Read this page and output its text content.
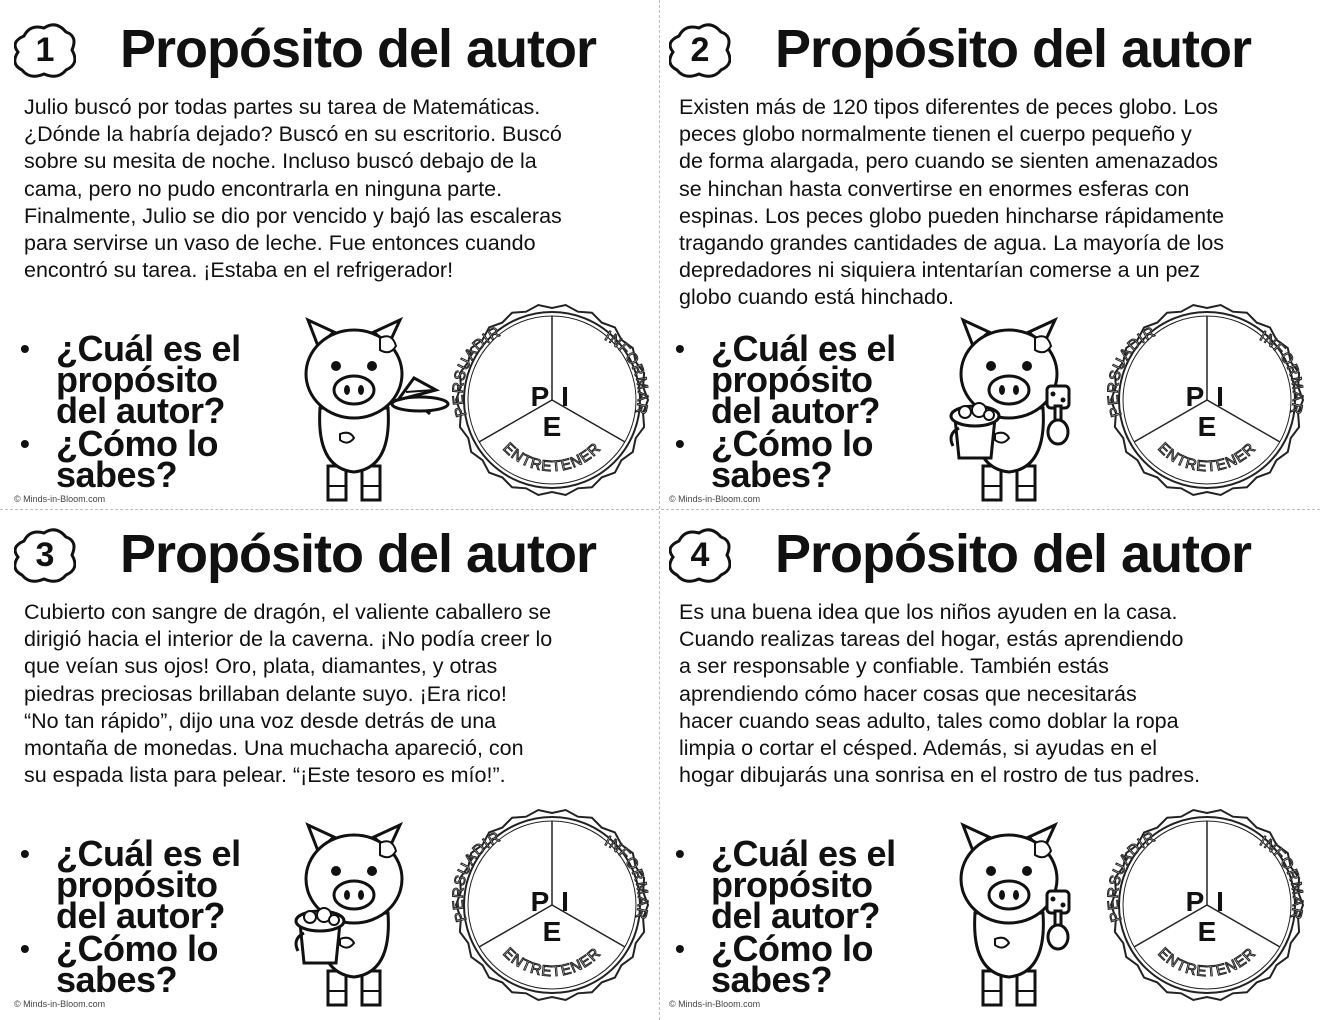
1	Propósito del autor
Julio buscó por todas partes su tarea de Matemáticas.
¿Dónde la habría dejado? Buscó en su escritorio. Buscó
sobre su mesita de noche. Incluso buscó debajo de la
cama, pero no pudo encontrarla en ninguna parte.
Finalmente, Julio se dio por vencido y bajó las escaleras
para servirse un vaso de leche. Fue entonces cuando
encontró su tarea. ¡Estaba en el refrigerador!
• ¿Cuál es el
propósito
del autor?
• ¿Cómo lo
sabes?
P SUADIR	INFORMAR
ENTRETENER
P I
E
© Minds-in-Bloom.com
2	Propósito del autor
Existen más de 120 tipos diferentes de peces globo. Los
peces globo normalmente tienen el cuerpo pequeño y
de forma alargada, pero cuando se sienten amenazados
se hinchan hasta convertirse en enormes esferas con
espinas. Los peces globo pueden hincharse rápidamente
tragando grandes cantidades de agua. La mayoría de los
depredadores ni siquiera intentarían comerse a un pez
globo cuando está hinchado.
• ¿Cuál es el
propósito
del autor?
• ¿Cómo lo
sabes?
P SUADIR	INFORMAR
ENTRETENER
P I
E
© Minds-in-Bloom.com
3	Propósito del autor
Cubierto con sangre de dragón, el valiente caballero se
dirigió hacia el interior de la caverna. ¡No podía creer lo
que veían sus ojos! Oro, plata, diamantes, y otras
piedras preciosas brillaban delante suyo. ¡Era rico!
“No tan rápido”, dijo una voz desde detrás de una
montaña de monedas. Una muchacha apareció, con
su espada lista para pelear. “¡Este tesoro es mío!”.
• ¿Cuál es el
propósito
del autor?
• ¿Cómo lo
sabes?
P SUADIR	INFORMAR
ENTRETENER
P I
E
© Minds-in-Bloom.com
4	Propósito del autor
Es una buena idea que los niños ayuden en la casa.
Cuando realizas tareas del hogar, estás aprendiendo
a ser responsable y confiable. También estás
aprendiendo cómo hacer cosas que necesitarás
hacer cuando seas adulto, tales como doblar la ropa
limpia o cortar el césped. Además, si ayudas en el
hogar dibujarás una sonrisa en el rostro de tus padres.
• ¿Cuál es el
propósito
del autor?
• ¿Cómo lo
sabes?
P SUADIR	INFORMAR
ENTRETENER
P I
E
© Minds-in-Bloom.com
